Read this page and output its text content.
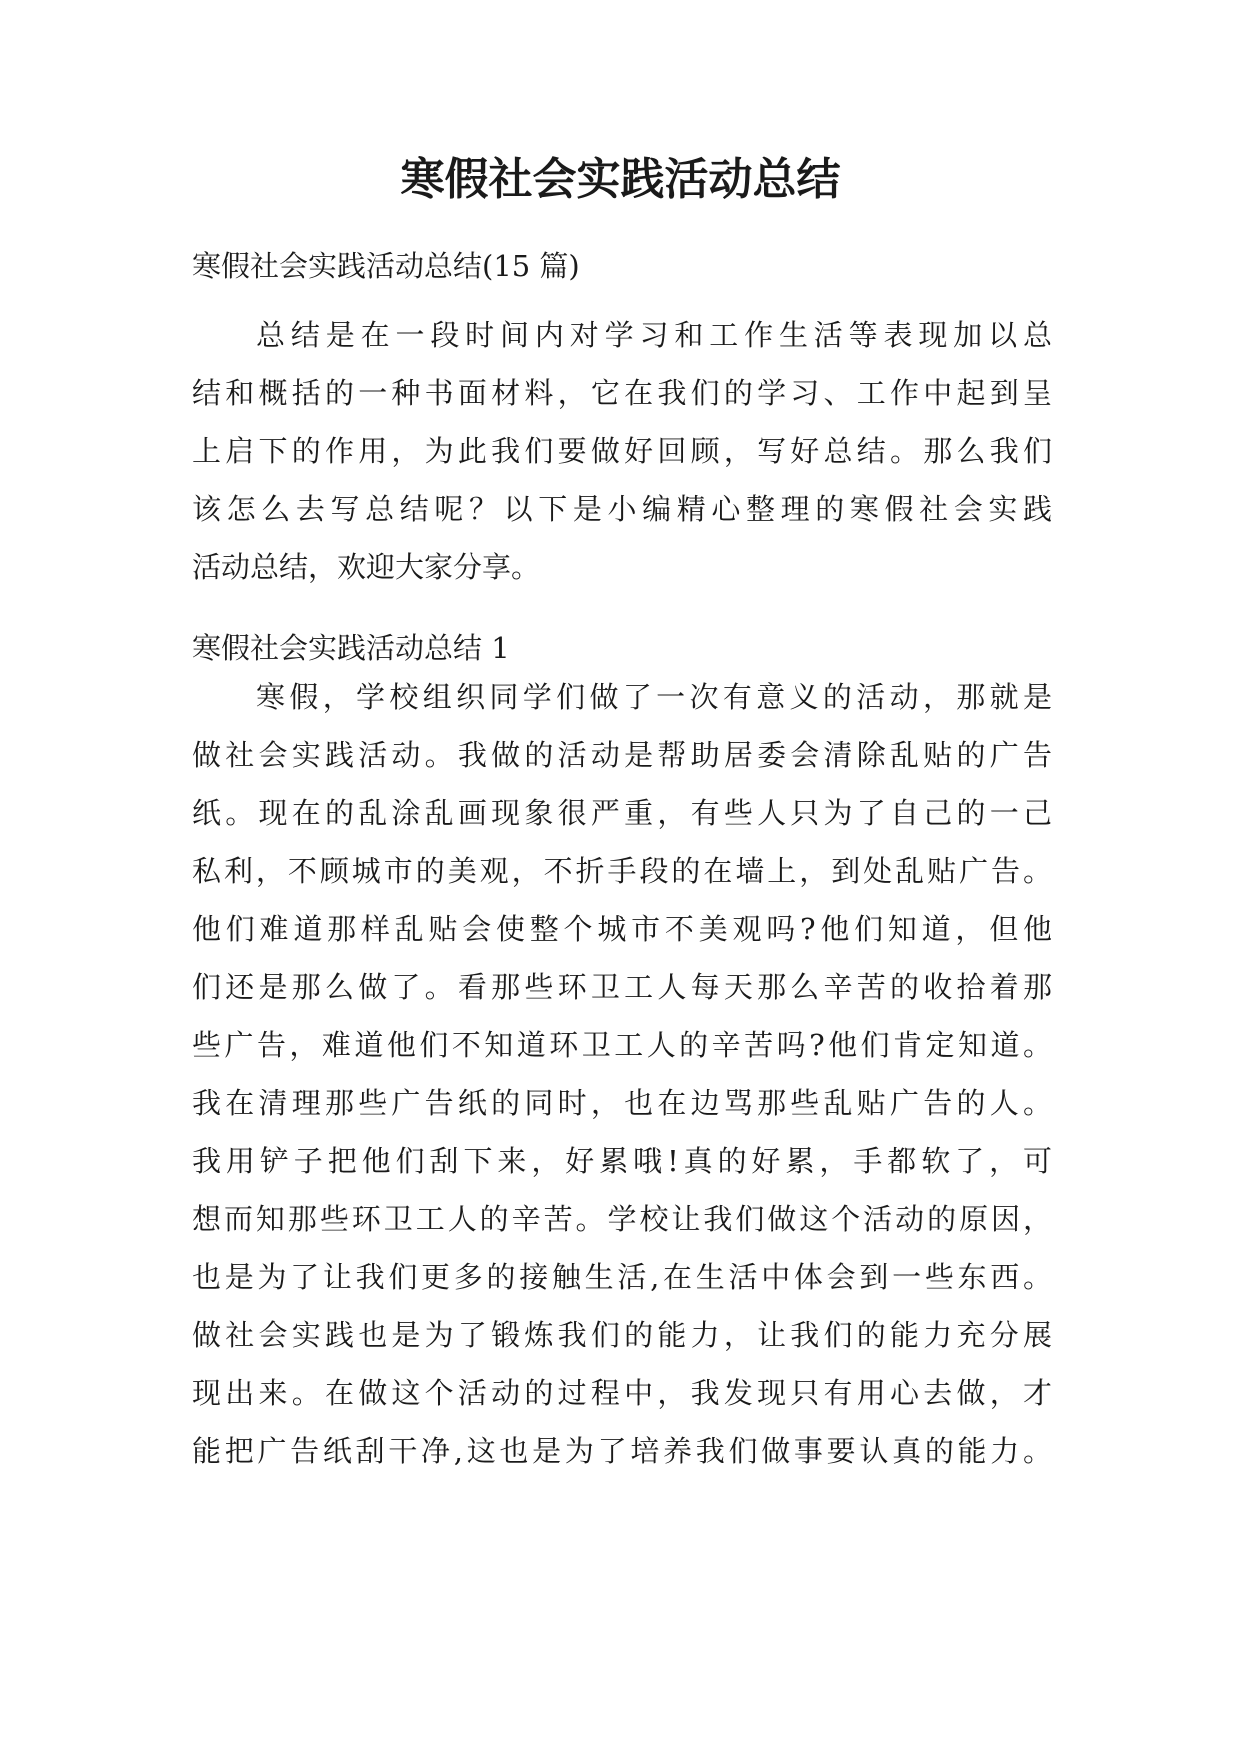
寒假社会实践活动总结
寒假社会实践活动总结(15 篇)
总结是在一段时间内对学习和工作生活等表现加以总
结和概括的一种书面材料，它在我们的学习、工作中起到呈
上启下的作用，为此我们要做好回顾，写好总结。那么我们
该怎么去写总结呢？以下是小编精心整理的寒假社会实践
活动总结，欢迎大家分享。
寒假社会实践活动总结 1
寒假，学校组织同学们做了一次有意义的活动，那就是
做社会实践活动。我做的活动是帮助居委会清除乱贴的广告
纸。现在的乱涂乱画现象很严重，有些人只为了自己的一己
私利，不顾城市的美观，不折手段的在墙上，到处乱贴广告。
他们难道那样乱贴会使整个城市不美观吗?他们知道，但他
们还是那么做了。看那些环卫工人每天那么辛苦的收拾着那
些广告，难道他们不知道环卫工人的辛苦吗?他们肯定知道。
我在清理那些广告纸的同时，也在边骂那些乱贴广告的人。
我用铲子把他们刮下来，好累哦!真的好累，手都软了，可
想而知那些环卫工人的辛苦。学校让我们做这个活动的原因，
也是为了让我们更多的接触生活,在生活中体会到一些东西。
做社会实践也是为了锻炼我们的能力，让我们的能力充分展
现出来。在做这个活动的过程中，我发现只有用心去做，才
能把广告纸刮干净,这也是为了培养我们做事要认真的能力。
